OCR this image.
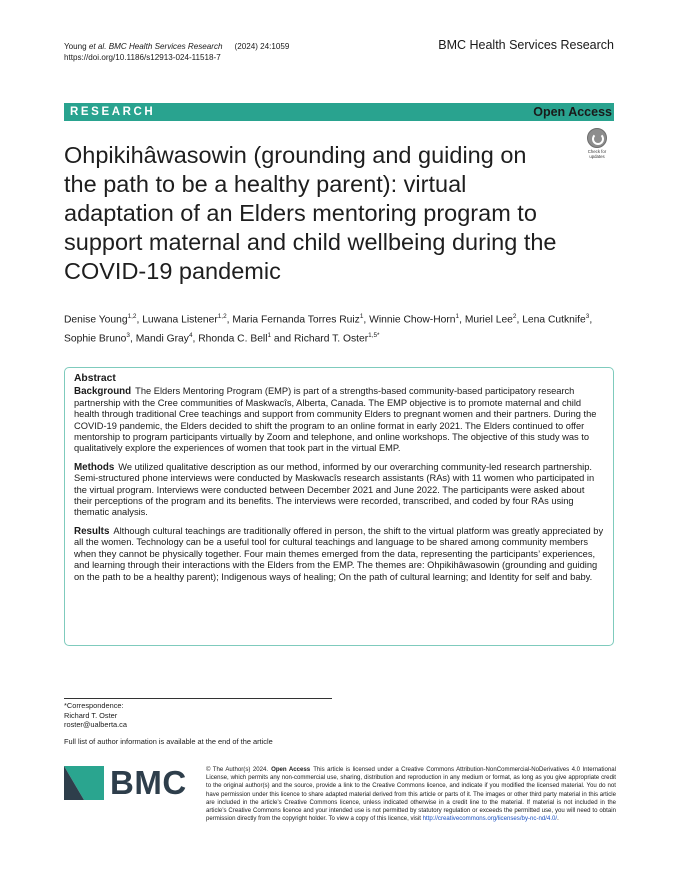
Young et al. BMC Health Services Research (2024) 24:1059
https://doi.org/10.1186/s12913-024-11518-7
BMC Health Services Research
RESEARCH	Open Access
Check for
updates
Ohpikihâwasowin (grounding and guiding on the path to be a healthy parent): virtual adaptation of an Elders mentoring program to support maternal and child wellbeing during the COVID-19 pandemic
Denise Young$^{1,2}$, Luwana Listener$^{1,2}$, Maria Fernanda Torres Ruiz$^1$, Winnie Chow-Horn$^1$, Muriel Lee$^2$, Lena Cutknife$^3$, Sophie Bruno$^3$, Mandi Gray$^4$, Rhonda C. Bell$^1$ and Richard T. Oster$^{1,5*}$
Abstract

Background The Elders Mentoring Program (EMP) is part of a strengths-based community-based participatory research partnership with the Cree communities of Maskwacîs, Alberta, Canada. The EMP objective is to promote maternal and child health through traditional Cree teachings and support from community Elders to pregnant women and their partners. During the COVID-19 pandemic, the Elders decided to shift the program to an online format in early 2021. The Elders continued to offer mentorship to program participants virtually by Zoom and telephone, and online workshops. The objective of this study was to qualitatively explore the experiences of women that took part in the virtual EMP.

Methods We utilized qualitative description as our method, informed by our overarching community-led research partnership. Semi-structured phone interviews were conducted by Maskwacîs research assistants (RAs) with 11 women who participated in the virtual program. Interviews were conducted between December 2021 and June 2022. The participants were asked about their perceptions of the program and its benefits. The interviews were recorded, transcribed, and coded by four RAs using thematic analysis.

Results Although cultural teachings are traditionally offered in person, the shift to the virtual platform was greatly appreciated by all the women. Technology can be a useful tool for cultural teachings and language to be shared among community members when they cannot be physically together. Four main themes emerged from the data, representing the participants’ experiences, and learning through their interactions with the Elders from the EMP. The themes are: Ohpikihâwasowin (grounding and guiding on the path to be a healthy parent); Indigenous ways of healing; On the path of cultural learning; and Identity for self and baby.

*Correspondence:
Richard T. Oster
roster@ualberta.ca
Full list of author information is available at the end of the article
BMC	© The Author(s) 2024. Open Access This article is licensed under a Creative Commons Attribution-NonCommercial-NoDerivatives 4.0 International License, which permits any non-commercial use, sharing, distribution and reproduction in any medium or format, as long as you give appropriate credit to the original author(s) and the source, provide a link to the Creative Commons licence, and indicate if you modified the licensed material. You do not have permission under this licence to share adapted material derived from this article or parts of it. The images or other third party material in this article are included in the article’s Creative Commons licence, unless indicated otherwise in a credit line to the material. If material is not included in the article’s Creative Commons licence and your intended use is not permitted by statutory regulation or exceeds the permitted use, you will need to obtain permission directly from the copyright holder. To view a copy of this licence, visit http://creativecommons.org/licenses/by-nc-nd/4.0/.
